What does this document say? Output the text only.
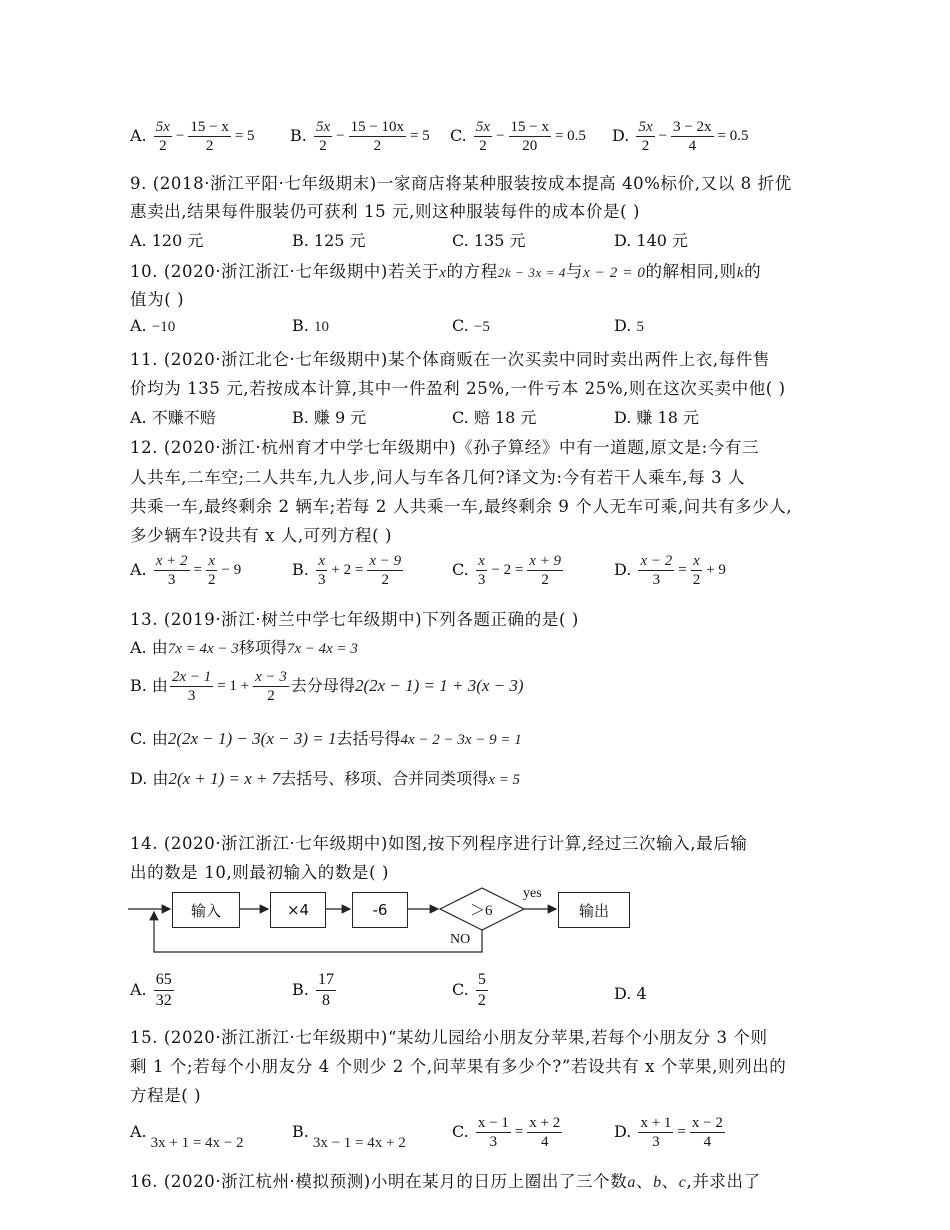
A. $\frac{5x}{2} - \frac{15 - x}{2} = 5$ B. $\frac{5x}{2} - \frac{15 - 10x}{2} = 5$ C. $\frac{5x}{2} - \frac{15 - x}{20} = 0.5$ D. $\frac{5x}{2} - \frac{3 - 2x}{4} = 0.5$
9. (2018·浙江平阳·七年级期末)一家商店将某种服装按成本提高 40%标价,又以 8 折优
惠卖出,结果每件服装仍可获利 15 元,则这种服装每件的成本价是( )
A. 120 元	B. 125 元	C. 135 元	D. 140 元
10. (2020·浙江浙江·七年级期中)若关于x的方程2k − 3x = 4与x − 2 = 0的解相同,则k的
值为( )
A. −10	B. 10	C. −5	D. 5
11. (2020·浙江北仑·七年级期中)某个体商贩在一次买卖中同时卖出两件上衣,每件售
价均为 135 元,若按成本计算,其中一件盈利 25%,一件亏本 25%,则在这次买卖中他( )
A. 不赚不赔	B. 赚 9 元	C. 赔 18 元	D. 赚 18 元
12. (2020·浙江·杭州育才中学七年级期中)《孙子算经》中有一道题,原文是:今有三
人共车,二车空;二人共车,九人步,问人与车各几何?译文为:今有若干人乘车,每 3 人
共乘一车,最终剩余 2 辆车;若每 2 人共乘一车,最终剩余 9 个人无车可乘,问共有多少人,
多少辆车?设共有 x 人,可列方程( )
A. $\frac{x + 2}{3} = \frac{x}{2} - 9$	B. $\frac{x}{3} + 2 = \frac{x - 9}{2}$	C. $\frac{x}{3} - 2 = \frac{x + 9}{2}$	D. $\frac{x - 2}{3} = \frac{x}{2} + 9$
13. (2019·浙江·树兰中学七年级期中)下列各题正确的是( )
A. 由7x = 4x − 3移项得7x − 4x = 3
B. 由 $\frac{2x - 1}{3} = 1 + \frac{x - 3}{2}$ 去分母得2(2x − 1) = 1 + 3(x − 3)
C. 由2(2x − 1) − 3(x − 3) = 1去括号得4x − 2 − 3x − 9 = 1
D. 由2(x + 1) = x + 7去括号、移项、合并同类项得x = 5
14. (2020·浙江浙江·七年级期中)如图,按下列程序进行计算,经过三次输入,最后输
出的数是 10,则最初输入的数是( )
输入	×4	-6	＞6
yes
NO
输出
A. $\frac{65}{32}$	B. $\frac{17}{8}$	C. $\frac{5}{2}$	D. 4
15. (2020·浙江浙江·七年级期中)“某幼儿园给小朋友分苹果,若每个小朋友分 3 个则
剩 1 个;若每个小朋友分 4 个则少 2 个,问苹果有多少个?”若设共有 x 个苹果,则列出的
方程是( )
A.3x + 1 = 4x − 2
B.3x − 1 = 4x + 2
C. $\frac{x - 1}{3} = \frac{x + 2}{4}$	D. $\frac{x + 1}{3} = \frac{x - 2}{4}$
16. (2020·浙江杭州·模拟预测)小明在某月的日历上圈出了三个数a、b、c,并求出了
